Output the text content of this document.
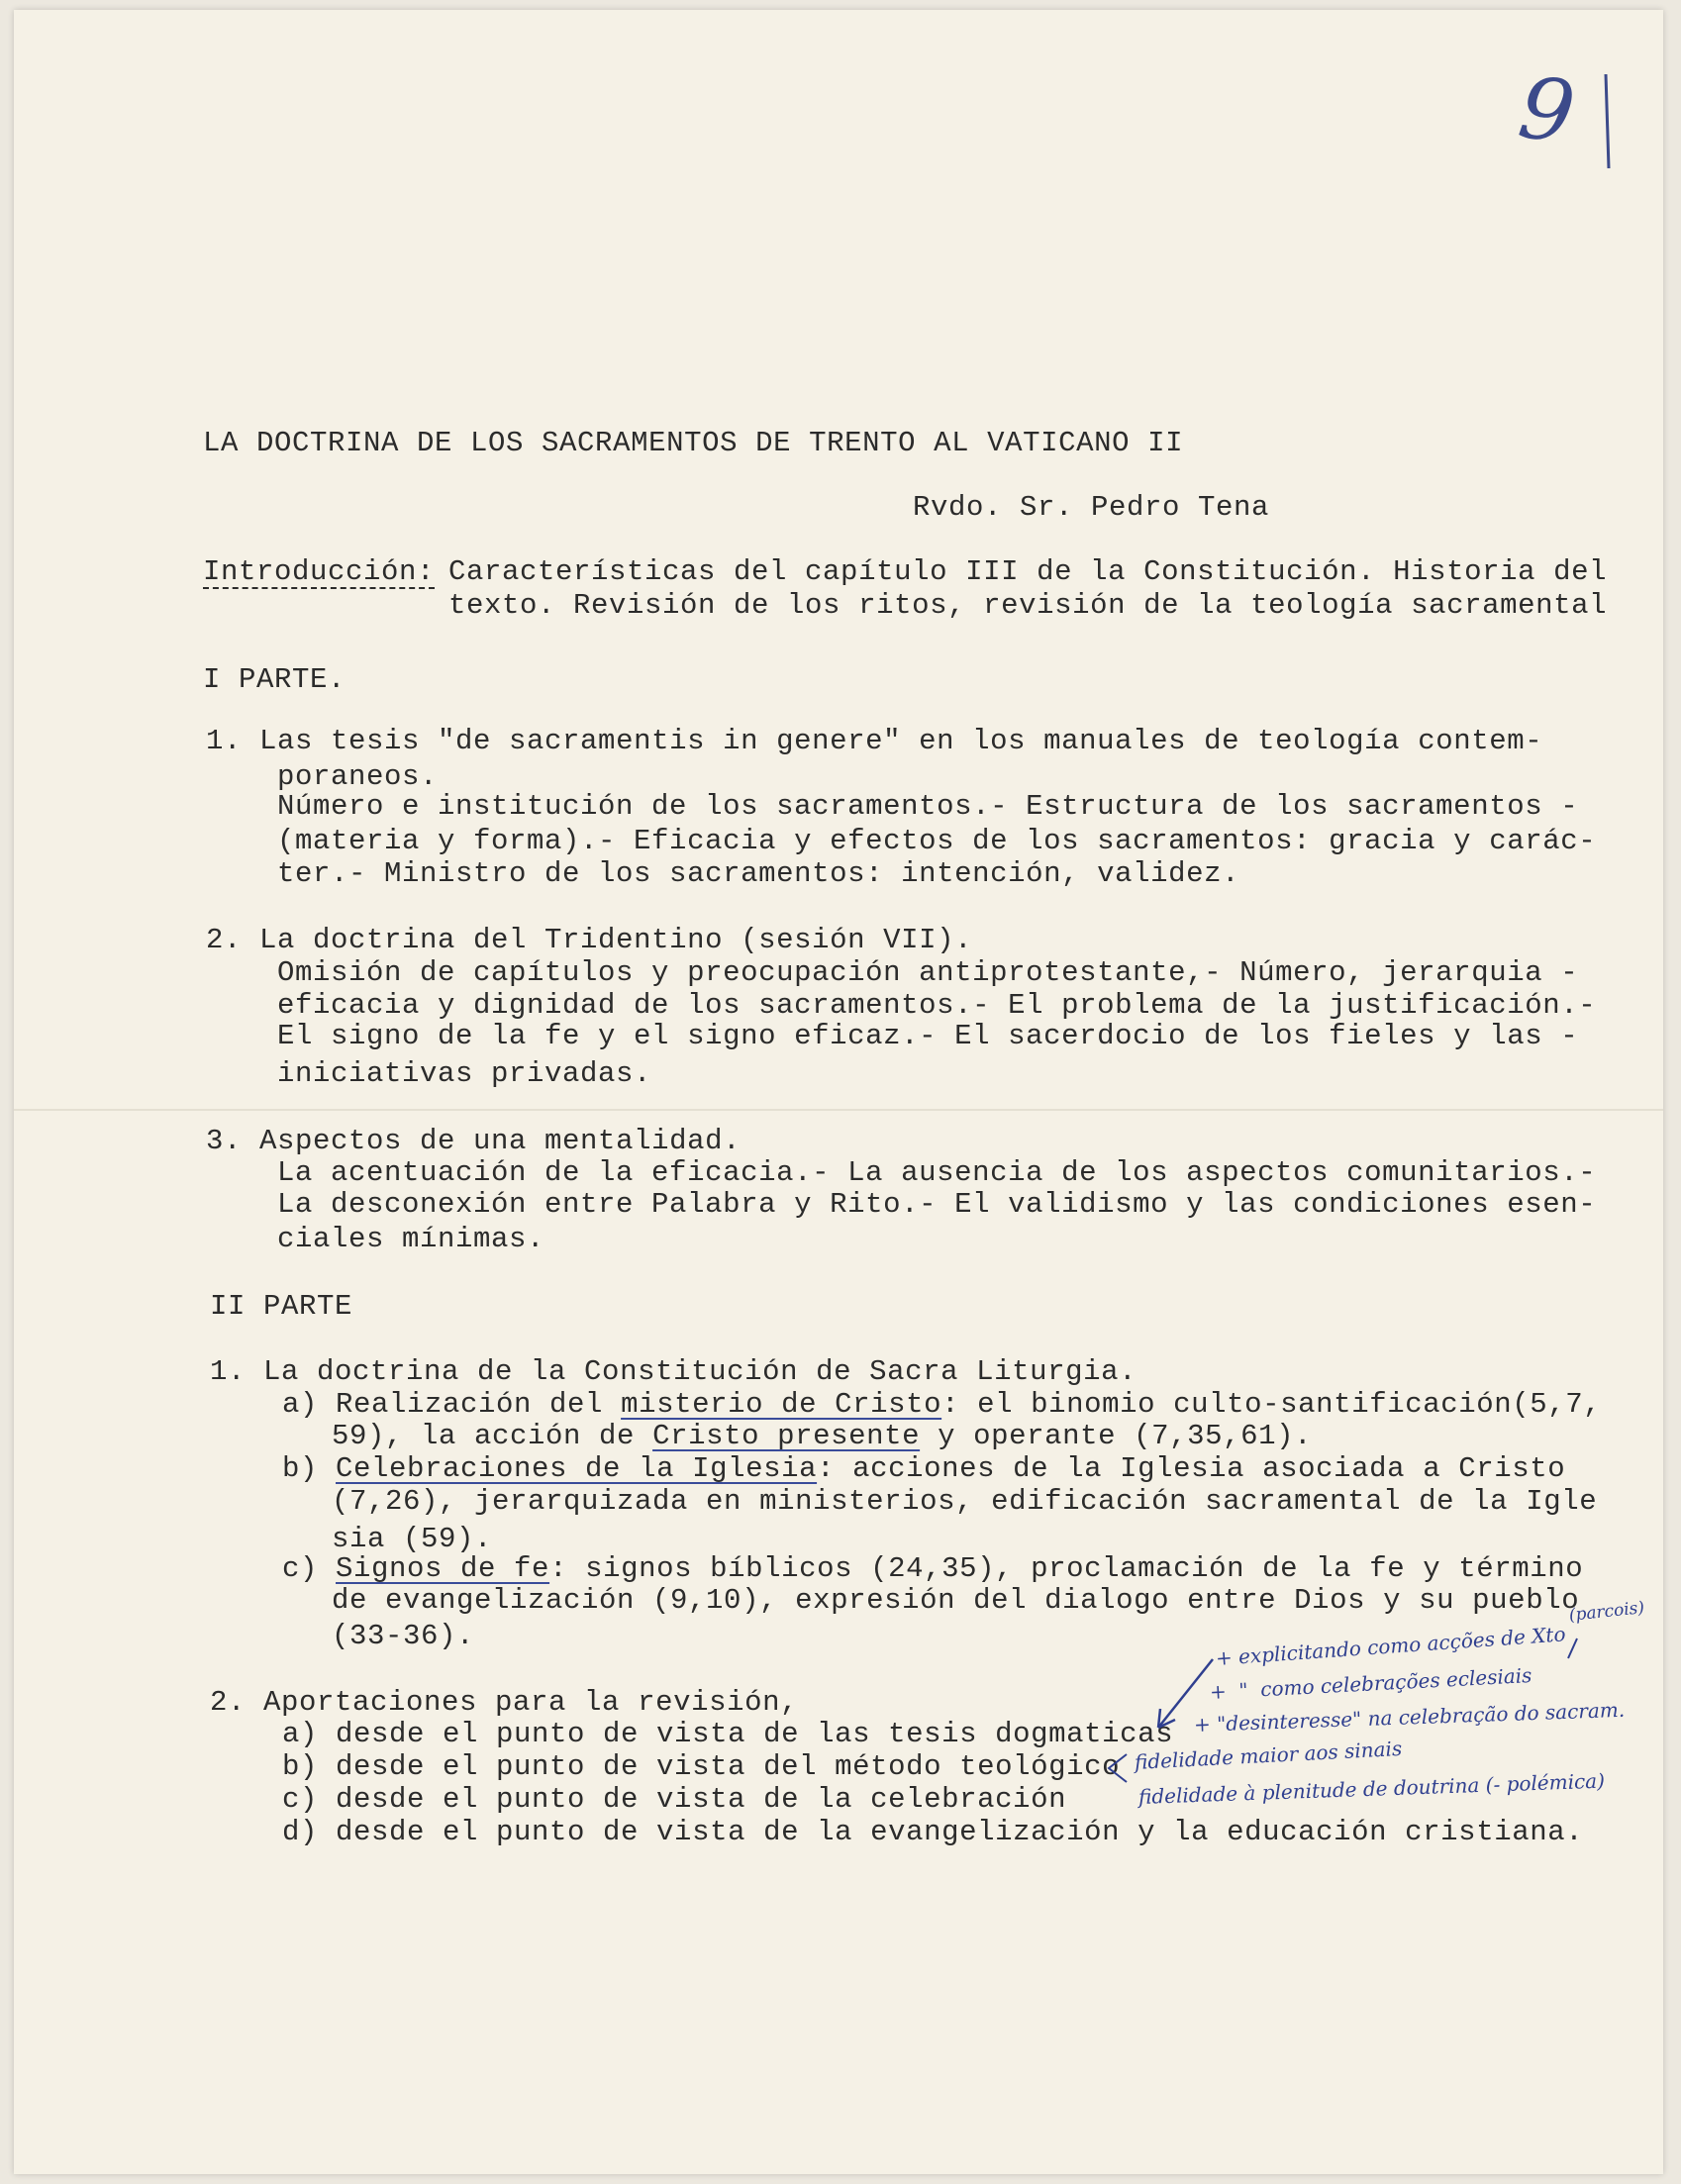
9
LA DOCTRINA DE LOS SACRAMENTOS DE TRENTO AL VATICANO II
Rvdo. Sr. Pedro Tena
Introducción: Características del capítulo III de la Constitución. Historia del
texto. Revisión de los ritos, revisión de la teología sacramental
I PARTE.
1. Las tesis "de sacramentis in genere" en los manuales de teología contem-
poraneos.
Número e institución de los sacramentos.- Estructura de los sacramentos -
(materia y forma).- Eficacia y efectos de los sacramentos: gracia y carác-
ter.- Ministro de los sacramentos: intención, validez.
2. La doctrina del Tridentino (sesión VII).
Omisión de capítulos y preocupación antiprotestante,- Número, jerarquia -
eficacia y dignidad de los sacramentos.- El problema de la justificación.-
El signo de la fe y el signo eficaz.- El sacerdocio de los fieles y las -
iniciativas privadas.
3. Aspectos de una mentalidad.
La acentuación de la eficacia.- La ausencia de los aspectos comunitarios.-
La desconexión entre Palabra y Rito.- El validismo y las condiciones esen-
ciales mínimas.
II PARTE
1. La doctrina de la Constitución de Sacra Liturgia.
a) Realización del misterio de Cristo: el binomio culto-santificación(5,7,
59), la acción de Cristo presente y operante (7,35,61).
b) Celebraciones de la Iglesia: acciones de la Iglesia asociada a Cristo
(7,26), jerarquizada en ministerios, edificación sacramental de la Igle
sia (59).
c) Signos de fe: signos bíblicos (24,35), proclamación de la fe y término
de evangelización (9,10), expresión del dialogo entre Dios y su pueblo
(33-36).
2. Aportaciones para la revisión,
a) desde el punto de vista de las tesis dogmaticas
b) desde el punto de vista del método teológico
c) desde el punto de vista de la celebración
d) desde el punto de vista de la evangelización y la educación cristiana.
(parcois)
+ explicitando como acções de Xto
+  "  como celebrações eclesiais
+ "desinteresse" na celebração do sacram.
fidelidade maior aos sinais
fidelidade à plenitude de doutrina (- polémica)
